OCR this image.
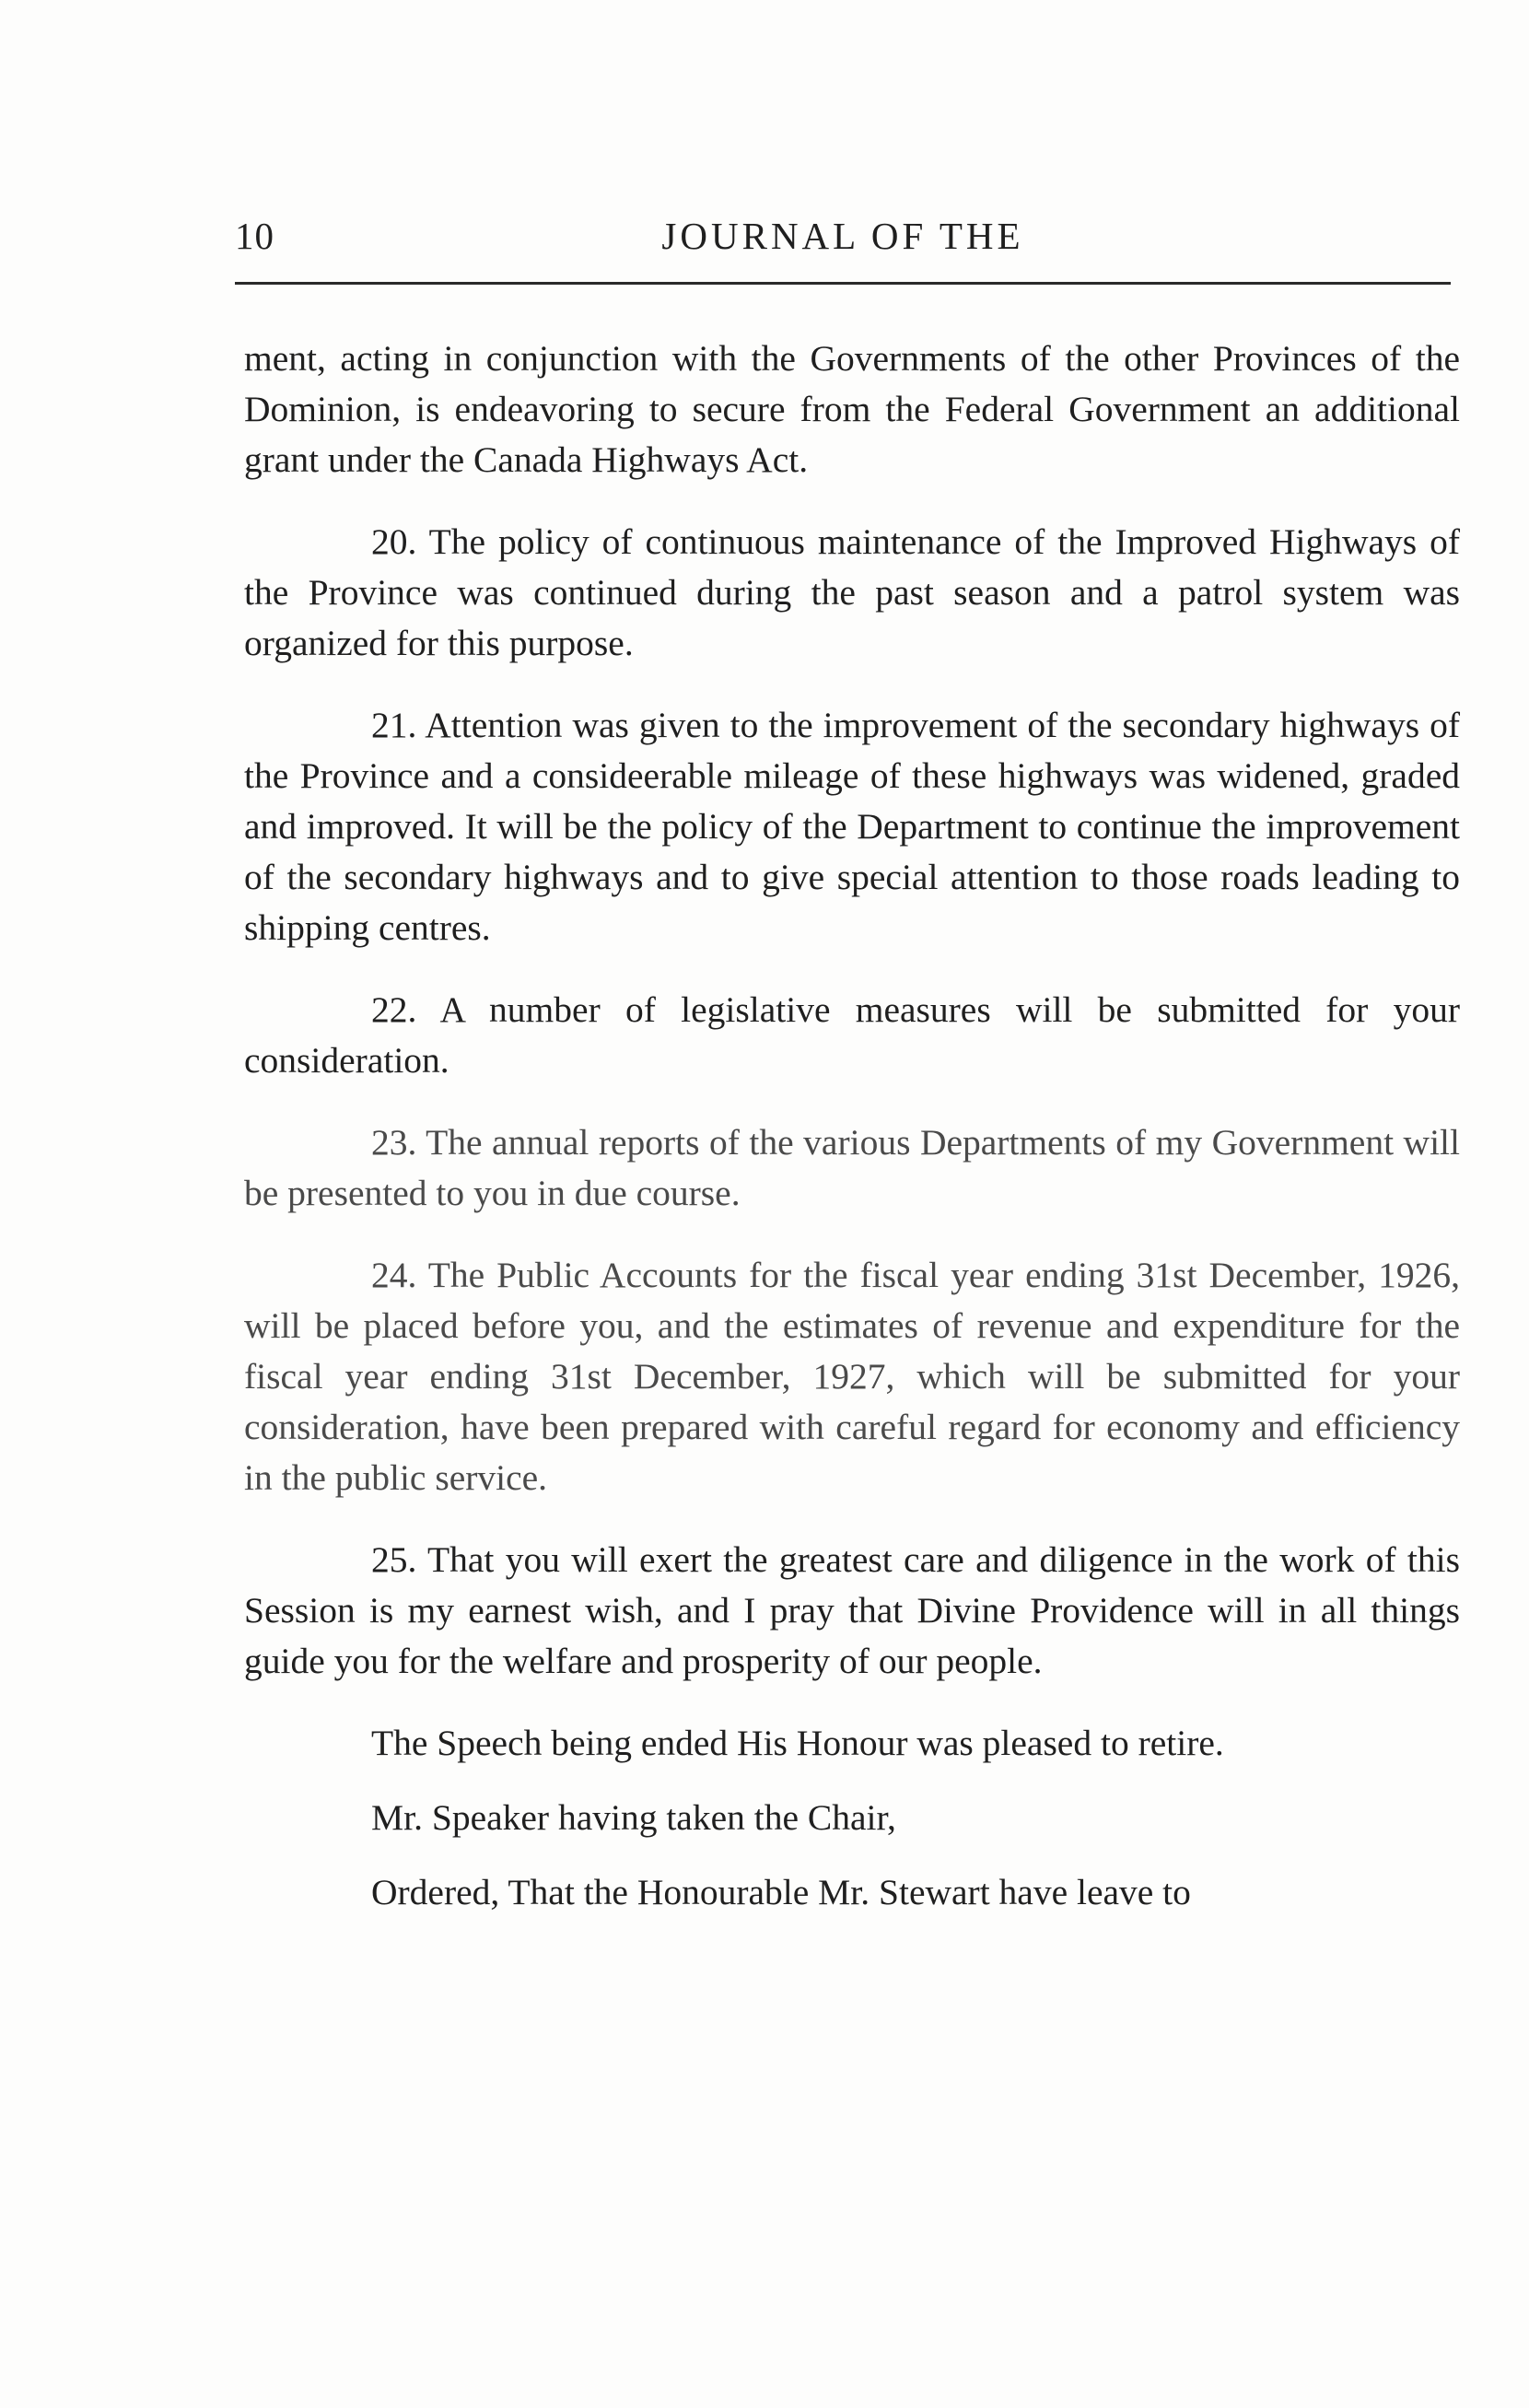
10	JOURNAL OF THE

ment, acting in conjunction with the Governments of the other Provinces of the Dominion, is endeavoring to secure from the Federal Government an additional grant under the Canada Highways Act.

20. The policy of continuous maintenance of the Improved Highways of the Province was continued during the past season and a patrol system was organized for this purpose.

21. Attention was given to the improvement of the secondary highways of the Province and a consideerable mileage of these highways was widened, graded and improved. It will be the policy of the Department to continue the improvement of the secondary highways and to give special attention to those roads leading to shipping centres.

22. A number of legislative measures will be submitted for your consideration.

23. The annual reports of the various Departments of my Government will be presented to you in due course.

24. The Public Accounts for the fiscal year ending 31st December, 1926, will be placed before you, and the estimates of revenue and expenditure for the fiscal year ending 31st December, 1927, which will be submitted for your consideration, have been prepared with careful regard for economy and efficiency in the public service.

25. That you will exert the greatest care and diligence in the work of this Session is my earnest wish, and I pray that Divine Providence will in all things guide you for the welfare and prosperity of our people.

The Speech being ended His Honour was pleased to retire.

Mr. Speaker having taken the Chair,

Ordered, That the Honourable Mr. Stewart have leave to
